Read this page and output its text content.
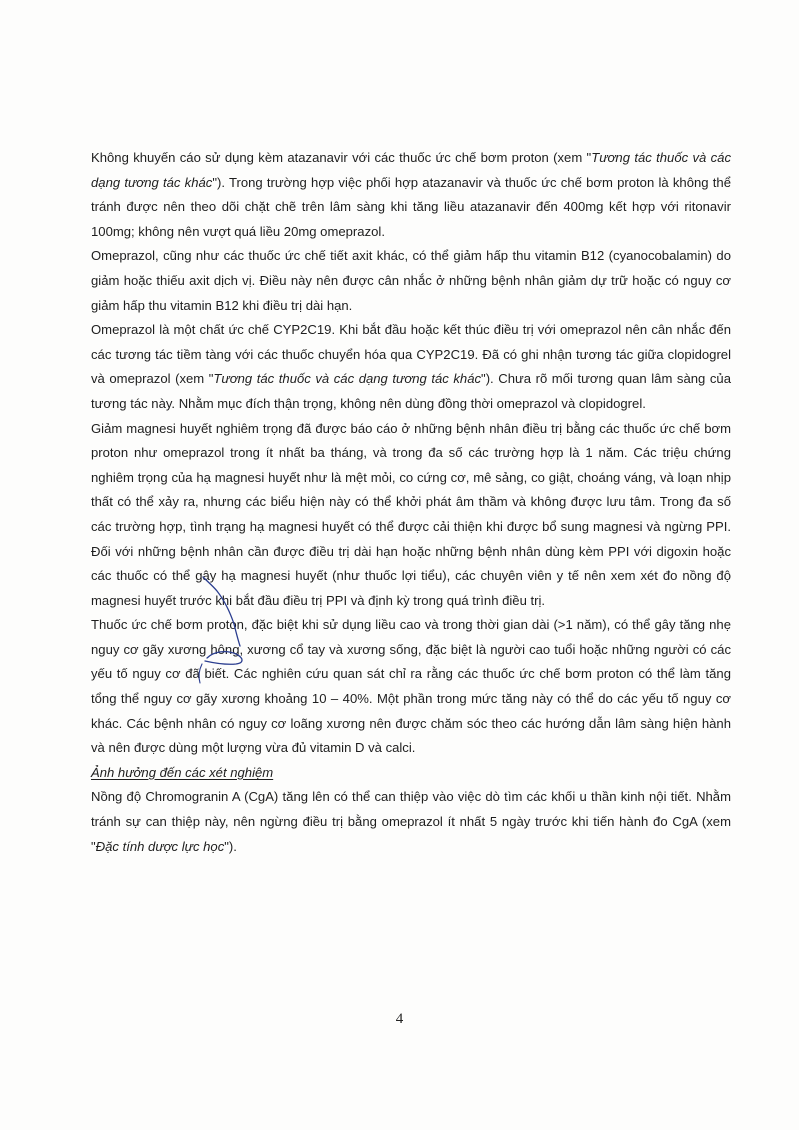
Không khuyến cáo sử dụng kèm atazanavir với các thuốc ức chế bơm proton (xem "Tương tác thuốc và các dạng tương tác khác"). Trong trường hợp việc phối hợp atazanavir và thuốc ức chế bơm proton là không thể tránh được nên theo dõi chặt chẽ trên lâm sàng khi tăng liều atazanavir đến 400mg kết hợp với ritonavir 100mg; không nên vượt quá liều 20mg omeprazol.

Omeprazol, cũng như các thuốc ức chế tiết axit khác, có thể giảm hấp thu vitamin B12 (cyanocobalamin) do giảm hoặc thiếu axit dịch vị. Điều này nên được cân nhắc ở những bệnh nhân giảm dự trữ hoặc có nguy cơ giảm hấp thu vitamin B12 khi điều trị dài hạn.

Omeprazol là một chất ức chế CYP2C19. Khi bắt đầu hoặc kết thúc điều trị với omeprazol nên cân nhắc đến các tương tác tiềm tàng với các thuốc chuyển hóa qua CYP2C19. Đã có ghi nhận tương tác giữa clopidogrel và omeprazol (xem "Tương tác thuốc và các dạng tương tác khác"). Chưa rõ mối tương quan lâm sàng của tương tác này. Nhằm mục đích thận trọng, không nên dùng đồng thời omeprazol và clopidogrel.

Giảm magnesi huyết nghiêm trọng đã được báo cáo ở những bệnh nhân điều trị bằng các thuốc ức chế bơm proton như omeprazol trong ít nhất ba tháng, và trong đa số các trường hợp là 1 năm. Các triệu chứng nghiêm trọng của hạ magnesi huyết như là mệt mỏi, co cứng cơ, mê sảng, co giật, choáng váng, và loạn nhịp thất có thể xảy ra, nhưng các biểu hiện này có thể khởi phát âm thầm và không được lưu tâm. Trong đa số các trường hợp, tình trạng hạ magnesi huyết có thể được cải thiện khi được bổ sung magnesi và ngừng PPI. Đối với những bệnh nhân cần được điều trị dài hạn hoặc những bệnh nhân dùng kèm PPI với digoxin hoặc các thuốc có thể gây hạ magnesi huyết (như thuốc lợi tiểu), các chuyên viên y tế nên xem xét đo nồng độ magnesi huyết trước khi bắt đầu điều trị PPI và định kỳ trong quá trình điều trị.

Thuốc ức chế bơm proton, đặc biệt khi sử dụng liều cao và trong thời gian dài (>1 năm), có thể gây tăng nhẹ nguy cơ gãy xương hông, xương cổ tay và xương sống, đặc biệt là người cao tuổi hoặc những người có các yếu tố nguy cơ đã biết. Các nghiên cứu quan sát chỉ ra rằng các thuốc ức chế bơm proton có thể làm tăng tổng thể nguy cơ gãy xương khoảng 10 – 40%. Một phần trong mức tăng này có thể do các yếu tố nguy cơ khác. Các bệnh nhân có nguy cơ loãng xương nên được chăm sóc theo các hướng dẫn lâm sàng hiện hành và nên được dùng một lượng vừa đủ vitamin D và calci.

Ảnh hưởng đến các xét nghiệm

Nồng độ Chromogranin A (CgA) tăng lên có thể can thiệp vào việc dò tìm các khối u thần kinh nội tiết. Nhằm tránh sự can thiệp này, nên ngừng điều trị bằng omeprazol ít nhất 5 ngày trước khi tiến hành đo CgA (xem "Đặc tính dược lực học").

4
